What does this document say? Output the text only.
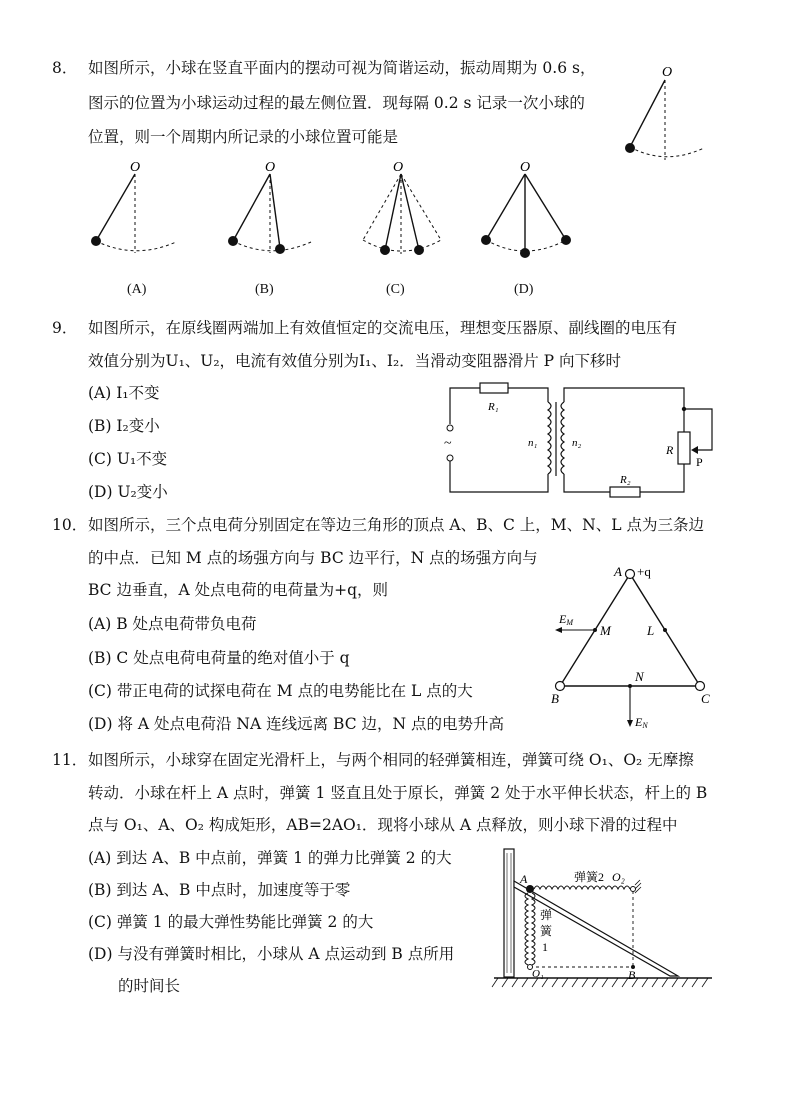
8． 如图所示，小球在竖直平面内的摆动可视为简谐运动，振动周期为 0.6 s，
图示的位置为小球运动过程的最左侧位置．现每隔 0.2 s 记录一次小球的
位置，则一个周期内所记录的小球位置可能是
O
O	O	O	O
(A)	(B)	(C)	(D)
9． 如图所示，在原线圈两端加上有效值恒定的交流电压，理想变压器原、副线圈的电压有
效值分别为U₁、U₂，电流有效值分别为I₁、I₂．当滑动变阻器滑片 P 向下移时
(A) I₁不变
(B) I₂变小
(C) U₁不变
(D) U₂变小
R₁
~	n₁	n₂
R₂
R
P
10． 如图所示，三个点电荷分别固定在等边三角形的顶点 A、B、C 上，M、N、L 点为三条边
的中点．已知 M 点的场强方向与 BC 边平行，N 点的场强方向与
BC 边垂直，A 处点电荷的电荷量为+q，则
(A) B 处点电荷带负电荷
(B) C 处点电荷电荷量的绝对值小于 q
(C) 带正电荷的试探电荷在 M 点的电势能比在 L 点的大
(D) 将 A 处点电荷沿 NA 连线远离 BC 边，N 点的电势升高
A +q
B	C
EM
M	L
N
EN
11． 如图所示，小球穿在固定光滑杆上，与两个相同的轻弹簧相连，弹簧可绕 O₁、O₂ 无摩擦
转动．小球在杆上 A 点时，弹簧 1 竖直且处于原长，弹簧 2 处于水平伸长状态，杆上的 B
点与 O₁、A、O₂ 构成矩形，AB=2AO₁．现将小球从 A 点释放，则小球下滑的过程中
(A) 到达 A、B 中点前，弹簧 1 的弹力比弹簧 2 的大
(B) 到达 A、B 中点时，加速度等于零
(C) 弹簧 1 的最大弹性势能比弹簧 2 的大
(D) 与没有弹簧时相比，小球从 A 点运动到 B 点所用
的时间长
A	弹簧2 O₂
弹
簧
1
O₁	B
